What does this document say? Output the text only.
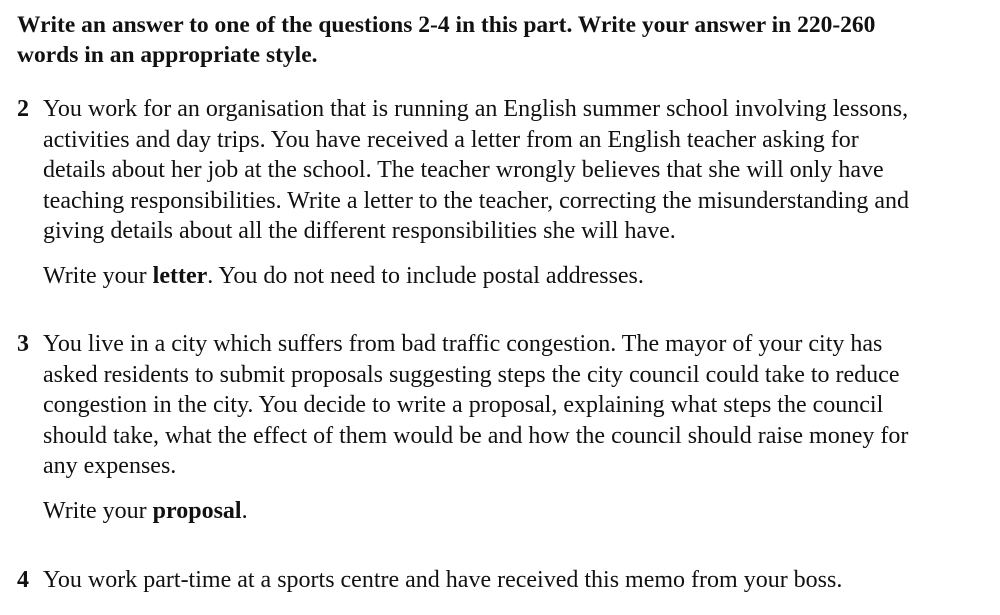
Write an answer to one of the questions 2-4 in this part. Write your answer in 220-260
words in an appropriate style.
2 You work for an organisation that is running an English summer school involving lessons,
activities and day trips. You have received a letter from an English teacher asking for
details about her job at the school. The teacher wrongly believes that she will only have
teaching responsibilities. Write a letter to the teacher, correcting the misunderstanding and
giving details about all the different responsibilities she will have.
Write your letter. You do not need to include postal addresses.
3 You live in a city which suffers from bad traffic congestion. The mayor of your city has
asked residents to submit proposals suggesting steps the city council could take to reduce
congestion in the city. You decide to write a proposal, explaining what steps the council
should take, what the effect of them would be and how the council should raise money for
any expenses.
Write your proposal.
4 You work part-time at a sports centre and have received this memo from your boss.
